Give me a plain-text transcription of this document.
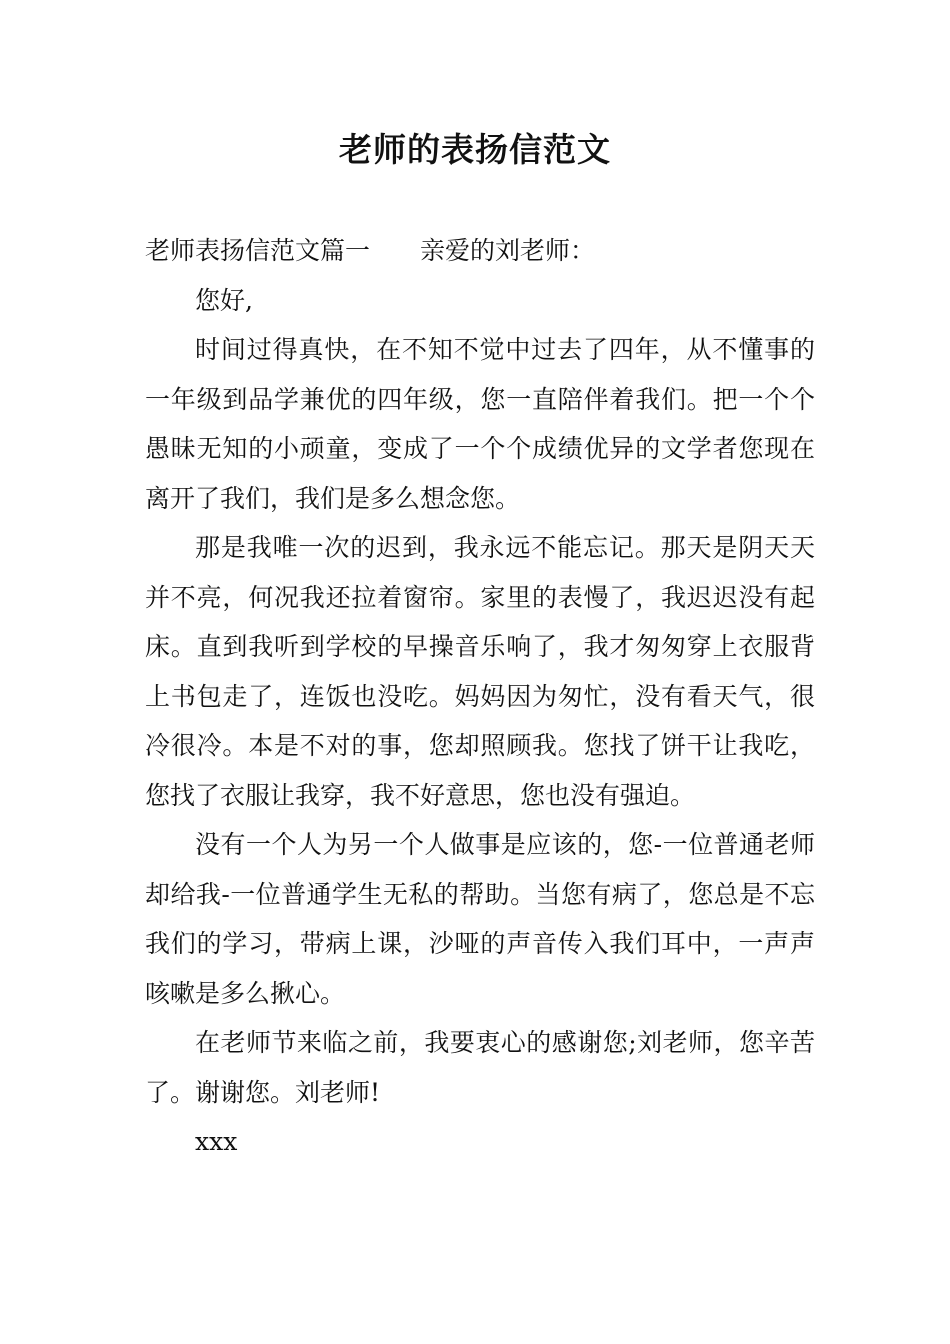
老师的表扬信范文

老师表扬信范文篇一 亲爱的刘老师：

您好,

时间过得真快，在不知不觉中过去了四年，从不懂事的一年级到品学兼优的四年级，您一直陪伴着我们。把一个个愚昧无知的小顽童，变成了一个个成绩优异的文学者您现在离开了我们，我们是多么想念您。

那是我唯一次的迟到，我永远不能忘记。那天是阴天天并不亮，何况我还拉着窗帘。家里的表慢了，我迟迟没有起床。直到我听到学校的早操音乐响了，我才匆匆穿上衣服背上书包走了，连饭也没吃。妈妈因为匆忙，没有看天气，很冷很冷。本是不对的事，您却照顾我。您找了饼干让我吃，您找了衣服让我穿，我不好意思，您也没有强迫。

没有一个人为另一个人做事是应该的，您-一位普通老师却给我-一位普通学生无私的帮助。当您有病了，您总是不忘我们的学习，带病上课，沙哑的声音传入我们耳中，一声声咳嗽是多么揪心。

在老师节来临之前，我要衷心的感谢您;刘老师，您辛苦了。谢谢您。刘老师!

xxx
